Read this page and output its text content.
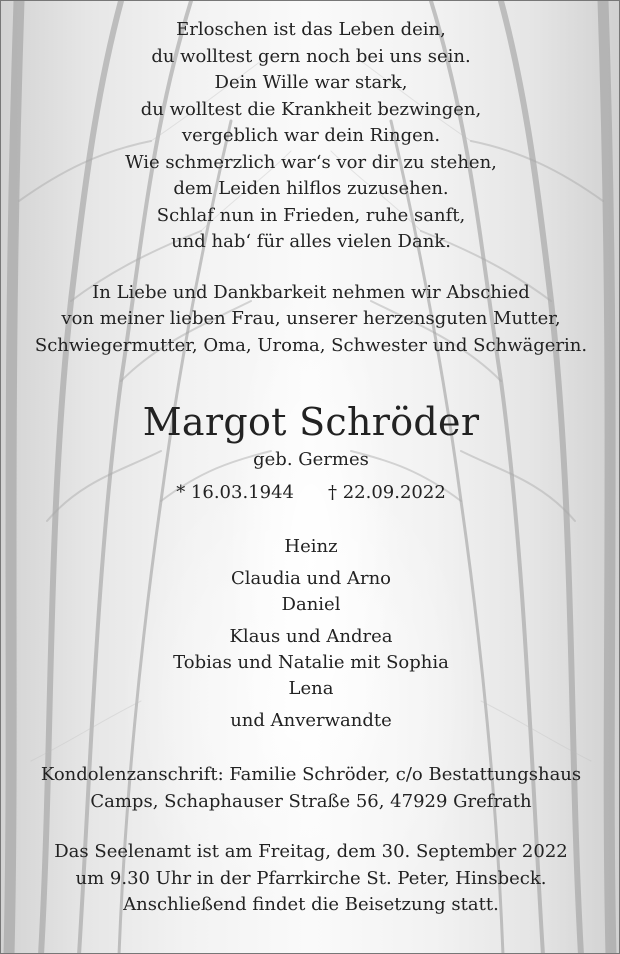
Erloschen ist das Leben dein,
du wolltest gern noch bei uns sein.
Dein Wille war stark,
du wolltest die Krankheit bezwingen,
vergeblich war dein Ringen.
Wie schmerzlich war‘s vor dir zu stehen,
dem Leiden hilflos zuzusehen.
Schlaf nun in Frieden, ruhe sanft,
und hab‘ für alles vielen Dank.
In Liebe und Dankbarkeit nehmen wir Abschied
von meiner lieben Frau, unserer herzensguten Mutter,
Schwiegermutter, Oma, Uroma, Schwester und Schwägerin.
Margot Schröder
geb. Germes
* 16.03.1944 † 22.09.2022
Heinz
Claudia und Arno
Daniel
Klaus und Andrea
Tobias und Natalie mit Sophia
Lena
und Anverwandte
Kondolenzanschrift: Familie Schröder, c/o Bestattungshaus
Camps, Schaphauser Straße 56, 47929 Grefrath
Das Seelenamt ist am Freitag, dem 30. September 2022
um 9.30 Uhr in der Pfarrkirche St. Peter, Hinsbeck.
Anschließend findet die Beisetzung statt.
